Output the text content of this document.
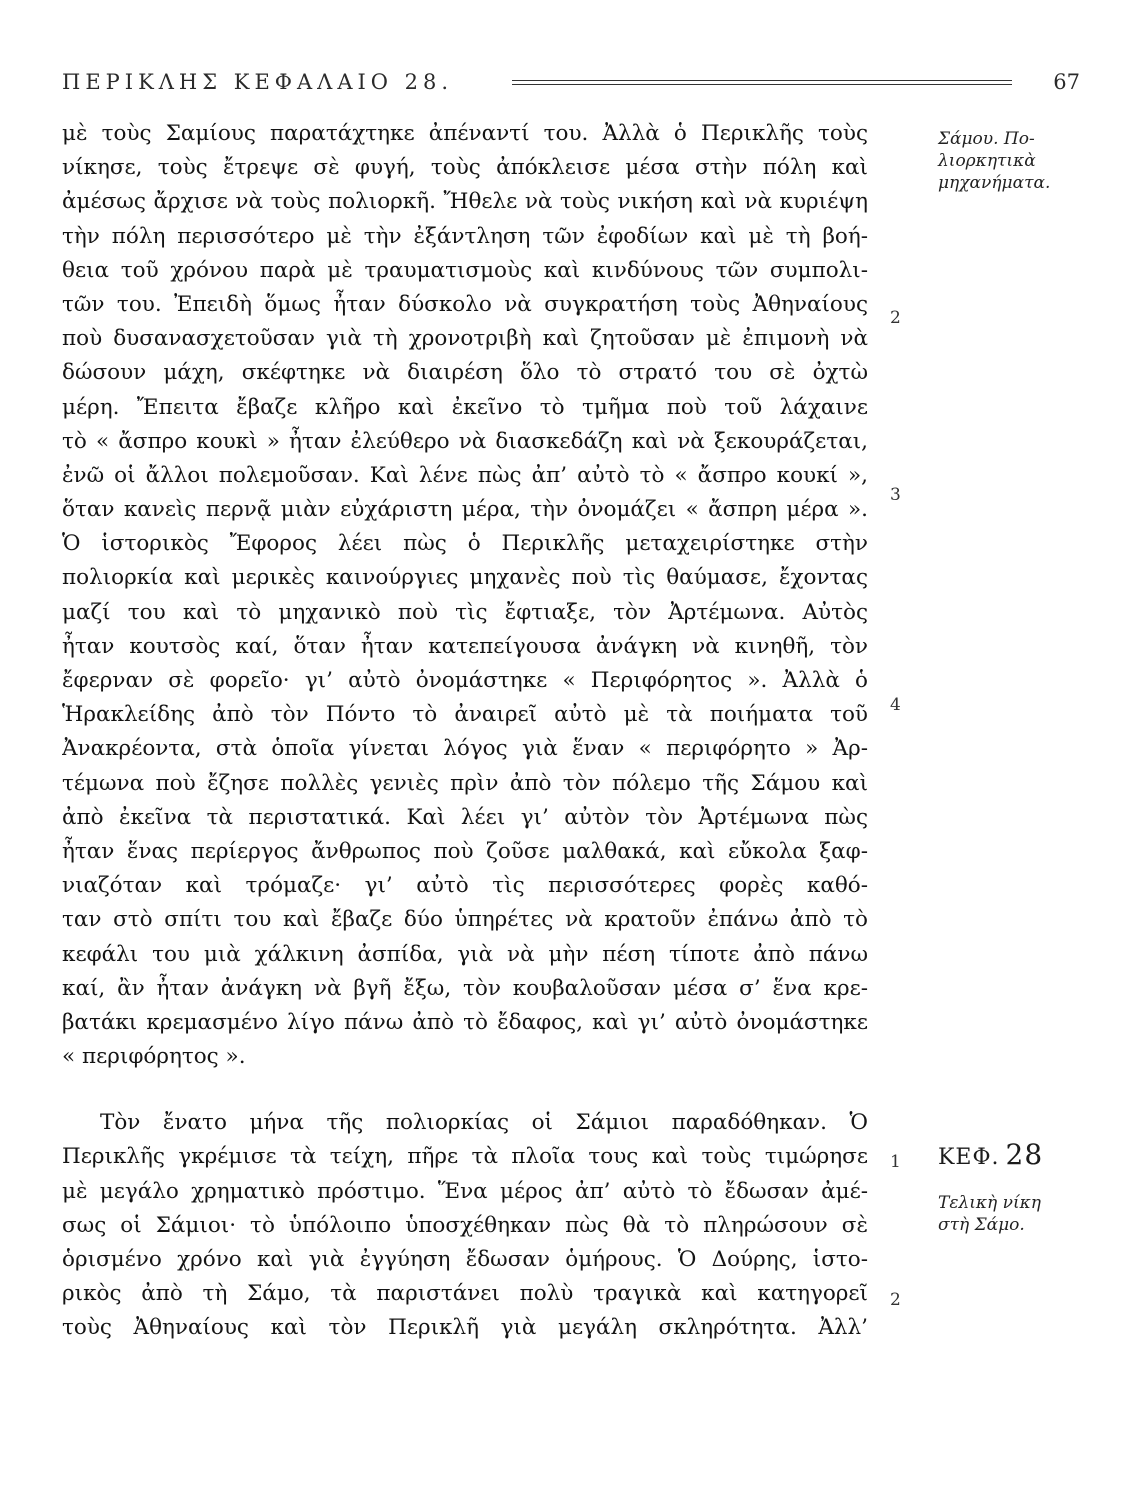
ΠΕΡΙΚΛΗΣ ΚΕΦΑΛΑΙΟ 28.	67
μὲ τοὺς Σαμίους παρατάχτηκε ἀπέναντί του. Ἀλλὰ ὁ Περικλῆς τοὺς
νίκησε, τοὺς ἔτρεψε σὲ φυγή, τοὺς ἀπόκλεισε μέσα στὴν πόλη καὶ
ἀμέσως ἄρχισε νὰ τοὺς πολιορκῆ. Ἤθελε νὰ τοὺς νικήση καὶ νὰ κυριέψη
τὴν πόλη περισσότερο μὲ τὴν ἐξάντληση τῶν ἐφοδίων καὶ μὲ τὴ βοή-
θεια τοῦ χρόνου παρὰ μὲ τραυματισμοὺς καὶ κινδύνους τῶν συμπολι-
τῶν του. Ἐπειδὴ ὅμως ἦταν δύσκολο νὰ συγκρατήση τοὺς Ἀθηναίους
ποὺ δυσανασχετοῦσαν γιὰ τὴ χρονοτριβὴ καὶ ζητοῦσαν μὲ ἐπιμονὴ νὰ
δώσουν μάχη, σκέφτηκε νὰ διαιρέση ὅλο τὸ στρατό του σὲ ὀχτὼ
μέρη. Ἔπειτα ἔβαζε κλῆρο καὶ ἐκεῖνο τὸ τμῆμα ποὺ τοῦ λάχαινε
τὸ « ἄσπρο κουκὶ » ἦταν ἐλεύθερο νὰ διασκεδάζη καὶ νὰ ξεκουράζεται,
ἐνῶ οἱ ἄλλοι πολεμοῦσαν. Καὶ λένε πὼς ἀπ’ αὐτὸ τὸ « ἄσπρο κουκί »,
ὅταν κανεὶς περνᾷ μιὰν εὐχάριστη μέρα, τὴν ὀνομάζει « ἄσπρη μέρα ».
Ὁ ἱστορικὸς Ἔφορος λέει πὼς ὁ Περικλῆς μεταχειρίστηκε στὴν
πολιορκία καὶ μερικὲς καινούργιες μηχανὲς ποὺ τὶς θαύμασε, ἔχοντας
μαζί του καὶ τὸ μηχανικὸ ποὺ τὶς ἔφτιαξε, τὸν Ἀρτέμωνα. Αὐτὸς
ἦταν κουτσὸς καί, ὅταν ἦταν κατεπείγουσα ἀνάγκη νὰ κινηθῆ, τὸν
ἔφερναν σὲ φορεῖο· γι’ αὐτὸ ὀνομάστηκε « Περιφόρητος ». Ἀλλὰ ὁ
Ἡρακλείδης ἀπὸ τὸν Πόντο τὸ ἀναιρεῖ αὐτὸ μὲ τὰ ποιήματα τοῦ
Ἀνακρέοντα, στὰ ὁποῖα γίνεται λόγος γιὰ ἕναν « περιφόρητο » Ἀρ-
τέμωνα ποὺ ἔζησε πολλὲς γενιὲς πρὶν ἀπὸ τὸν πόλεμο τῆς Σάμου καὶ
ἀπὸ ἐκεῖνα τὰ περιστατικά. Καὶ λέει γι’ αὐτὸν τὸν Ἀρτέμωνα πὼς
ἦταν ἕνας περίεργος ἄνθρωπος ποὺ ζοῦσε μαλθακά, καὶ εὔκολα ξαφ-
νιαζόταν καὶ τρόμαζε· γι’ αὐτὸ τὶς περισσότερες φορὲς καθό-
ταν στὸ σπίτι του καὶ ἔβαζε δύο ὑπηρέτες νὰ κρατοῦν ἐπάνω ἀπὸ τὸ
κεφάλι του μιὰ χάλκινη ἀσπίδα, γιὰ νὰ μὴν πέση τίποτε ἀπὸ πάνω
καί, ἂν ἦταν ἀνάγκη νὰ βγῆ ἔξω, τὸν κουβαλοῦσαν μέσα σ’ ἕνα κρε-
βατάκι κρεμασμένο λίγο πάνω ἀπὸ τὸ ἔδαφος, καὶ γι’ αὐτὸ ὀνομάστηκε
« περιφόρητος ».
Τὸν ἔνατο μήνα τῆς πολιορκίας οἱ Σάμιοι παραδόθηκαν. Ὁ
Περικλῆς γκρέμισε τὰ τείχη, πῆρε τὰ πλοῖα τους καὶ τοὺς τιμώρησε
μὲ μεγάλο χρηματικὸ πρόστιμο. Ἕνα μέρος ἀπ’ αὐτὸ τὸ ἔδωσαν ἀμέ-
σως οἱ Σάμιοι· τὸ ὑπόλοιπο ὑποσχέθηκαν πὼς θὰ τὸ πληρώσουν σὲ
ὁρισμένο χρόνο καὶ γιὰ ἐγγύηση ἔδωσαν ὁμήρους. Ὁ Δούρης, ἱστο-
ρικὸς ἀπὸ τὴ Σάμο, τὰ παριστάνει πολὺ τραγικὰ καὶ κατηγορεῖ
τοὺς Ἀθηναίους καὶ τὸν Περικλῆ γιὰ μεγάλη σκληρότητα. Ἀλλ’
Σάμου. Πο-
λιορκητικὰ
μηχανήματα.
ΚΕΦ. 28
Τελικὴ νίκη
στὴ Σάμο.
2
3
4
1
2
